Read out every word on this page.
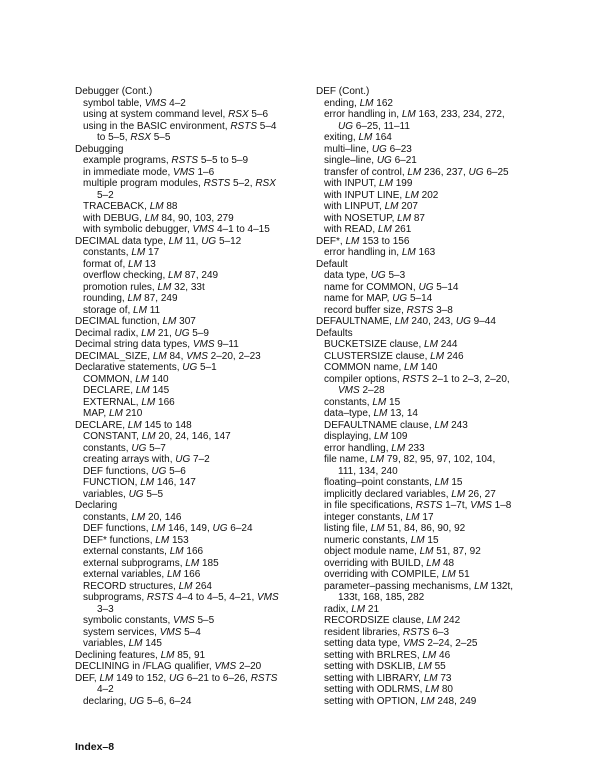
Debugger (Cont.)
symbol table, VMS 4–2
using at system command level, RSX 5–6
using in the BASIC environment, RSTS 5–4
to 5–5, RSX 5–5
Debugging
example programs, RSTS 5–5 to 5–9
in immediate mode, VMS 1–6
multiple program modules, RSTS 5–2, RSX
5–2
TRACEBACK, LM 88
with DEBUG, LM 84, 90, 103, 279
with symbolic debugger, VMS 4–1 to 4–15
DECIMAL data type, LM 11, UG 5–12
constants, LM 17
format of, LM 13
overflow checking, LM 87, 249
promotion rules, LM 32, 33t
rounding, LM 87, 249
storage of, LM 11
DECIMAL function, LM 307
Decimal radix, LM 21, UG 5–9
Decimal string data types, VMS 9–11
DECIMAL_SIZE, LM 84, VMS 2–20, 2–23
Declarative statements, UG 5–1
COMMON, LM 140
DECLARE, LM 145
EXTERNAL, LM 166
MAP, LM 210
DECLARE, LM 145 to 148
CONSTANT, LM 20, 24, 146, 147
constants, UG 5–7
creating arrays with, UG 7–2
DEF functions, UG 5–6
FUNCTION, LM 146, 147
variables, UG 5–5
Declaring
constants, LM 20, 146
DEF functions, LM 146, 149, UG 6–24
DEF* functions, LM 153
external constants, LM 166
external subprograms, LM 185
external variables, LM 166
RECORD structures, LM 264
subprograms, RSTS 4–4 to 4–5, 4–21, VMS
3–3
symbolic constants, VMS 5–5
system services, VMS 5–4
variables, LM 145
Declining features, LM 85, 91
DECLINING in /FLAG qualifier, VMS 2–20
DEF, LM 149 to 152, UG 6–21 to 6–26, RSTS
4–2
declaring, UG 5–6, 6–24
DEF (Cont.)
ending, LM 162
error handling in, LM 163, 233, 234, 272,
UG 6–25, 11–11
exiting, LM 164
multi–line, UG 6–23
single–line, UG 6–21
transfer of control, LM 236, 237, UG 6–25
with INPUT, LM 199
with INPUT LINE, LM 202
with LINPUT, LM 207
with NOSETUP, LM 87
with READ, LM 261
DEF*, LM 153 to 156
error handling in, LM 163
Default
data type, UG 5–3
name for COMMON, UG 5–14
name for MAP, UG 5–14
record buffer size, RSTS 3–8
DEFAULTNAME, LM 240, 243, UG 9–44
Defaults
BUCKETSIZE clause, LM 244
CLUSTERSIZE clause, LM 246
COMMON name, LM 140
compiler options, RSTS 2–1 to 2–3, 2–20,
VMS 2–28
constants, LM 15
data–type, LM 13, 14
DEFAULTNAME clause, LM 243
displaying, LM 109
error handling, LM 233
file name, LM 79, 82, 95, 97, 102, 104,
111, 134, 240
floating–point constants, LM 15
implicitly declared variables, LM 26, 27
in file specifications, RSTS 1–7t, VMS 1–8
integer constants, LM 17
listing file, LM 51, 84, 86, 90, 92
numeric constants, LM 15
object module name, LM 51, 87, 92
overriding with BUILD, LM 48
overriding with COMPILE, LM 51
parameter–passing mechanisms, LM 132t,
133t, 168, 185, 282
radix, LM 21
RECORDSIZE clause, LM 242
resident libraries, RSTS 6–3
setting data type, VMS 2–24, 2–25
setting with BRLRES, LM 46
setting with DSKLIB, LM 55
setting with LIBRARY, LM 73
setting with ODLRMS, LM 80
setting with OPTION, LM 248, 249
Index–8
